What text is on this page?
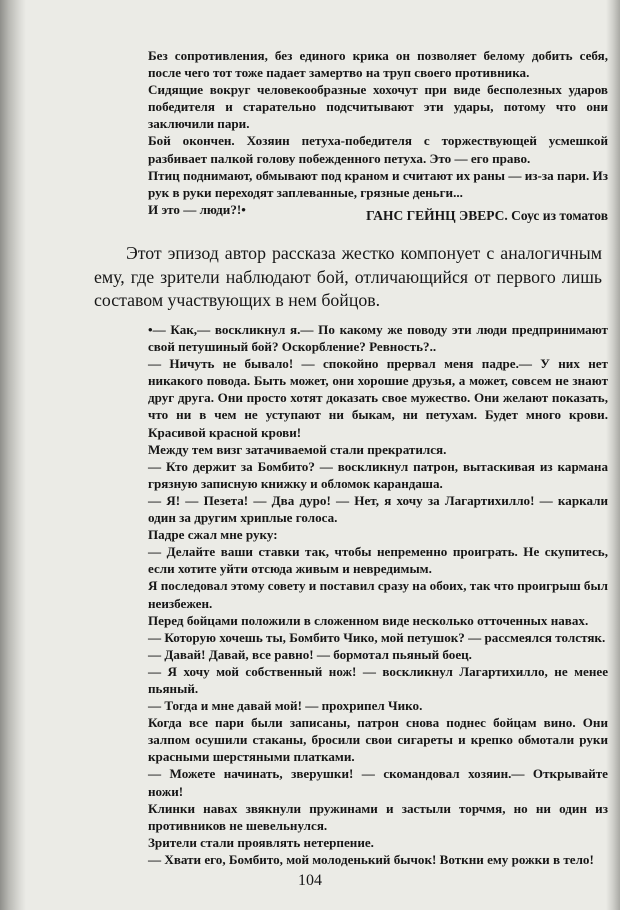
Без сопротивления, без единого крика он позволяет белому добить себя, после чего тот тоже падает замертво на труп своего противника.

Сидящие вокруг человекообразные хохочут при виде бесполезных ударов победителя и старательно подсчитывают эти удары, потому что они заключили пари.

Бой окончен. Хозяин петуха-победителя с торжествующей усмешкой разбивает палкой голову побежденного петуха. Это — его право.

Птиц поднимают, обмывают под краном и считают их раны — из-за пари. Из рук в руки переходят заплеванные, грязные деньги...

И это — люди?!•	ГАНС ГЕЙНЦ ЭВЕРС. Соус из томатов

Этот эпизод автор рассказа жестко компонует с аналогичным ему, где зрители наблюдают бой, отличающийся от первого лишь составом участвующих в нем бойцов.

•— Как,— воскликнул я.— По какому же поводу эти люди предпринимают свой петушиный бой? Оскорбление? Ревность?..

— Ничуть не бывало! — спокойно прервал меня падре.— У них нет никакого повода. Быть может, они хорошие друзья, а может, совсем не знают друг друга. Они просто хотят доказать свое мужество. Они желают показать, что ни в чем не уступают ни быкам, ни петухам. Будет много крови. Красивой красной крови!

Между тем визг затачиваемой стали прекратился.

— Кто держит за Бомбито? — воскликнул патрон, вытаскивая из кармана грязную записную книжку и обломок карандаша.

— Я! — Пезета! — Два дуро! — Нет, я хочу за Лагартихилло! — каркали один за другим хриплые голоса.

Падре сжал мне руку:

— Делайте ваши ставки так, чтобы непременно проиграть. Не скупитесь, если хотите уйти отсюда живым и невредимым.

Я последовал этому совету и поставил сразу на обоих, так что проигрыш был неизбежен.

Перед бойцами положили в сложенном виде несколько отточенных навах.

— Которую хочешь ты, Бомбито Чико, мой петушок? — рассмеялся толстяк.

— Давай! Давай, все равно! — бормотал пьяный боец.

— Я хочу мой собственный нож! — воскликнул Лагартихилло, не менее пьяный.

— Тогда и мне давай мой! — прохрипел Чико.

Когда все пари были записаны, патрон снова поднес бойцам вино. Они залпом осушили стаканы, бросили свои сигареты и крепко обмотали руки красными шерстяными платками.

— Можете начинать, зверушки! — скомандовал хозяин.— Открывайте ножи!

Клинки навах звякнули пружинами и застыли торчмя, но ни один из противников не шевельнулся.

Зрители стали проявлять нетерпение.

— Хвати его, Бомбито, мой молоденький бычок! Воткни ему рожки в тело!

104
